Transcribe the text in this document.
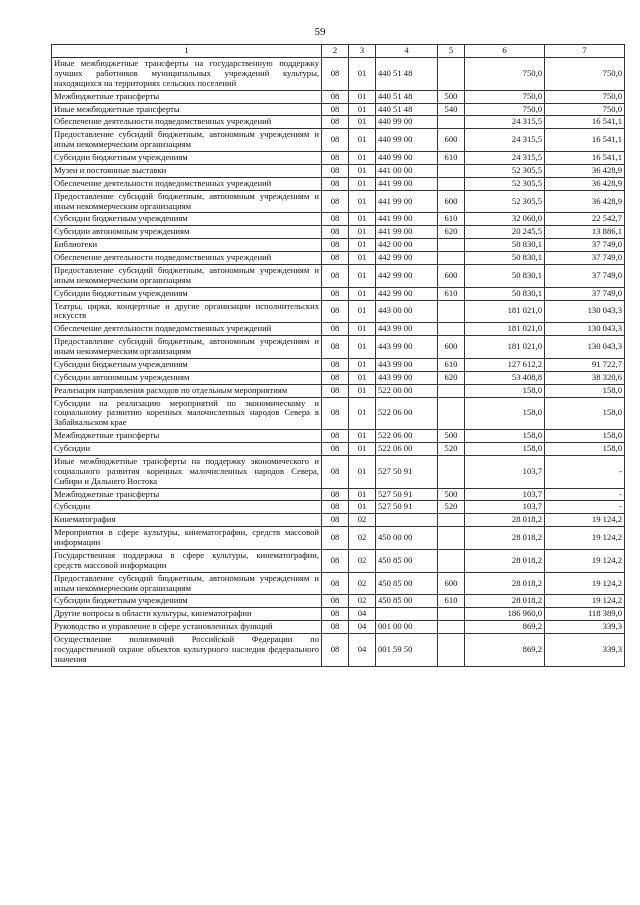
59
1	2	3	4	5	6	7
Иные межбюджетные трансферты на государственную поддержку лучших работников муниципальных учреждений культуры, находящихся на территориях сельских поселений	08	01	440 51 48		750,0	750,0
Межбюджетные трансферты	08	01	440 51 48	500	750,0	750,0
Иные межбюджетные трансферты	08	01	440 51 48	540	750,0	750,0
Обеспечение деятельности подведомственных учреждений	08	01	440 99 00		24 315,5	16 541,1
Предоставление субсидий бюджетным, автономным учреждениям и иным некоммерческим организациям	08	01	440 99 00	600	24 315,5	16 541,1
Субсидии бюджетным учреждениям	08	01	440 99 00	610	24 315,5	16 541,1
Музеи и постоянные выставки	08	01	441 00 00		52 305,5	36 428,9
Обеспечение деятельности подведомственных учреждений	08	01	441 99 00		52 305,5	36 428,9
Предоставление субсидий бюджетным, автономным учреждениям и иным некоммерческим организациям	08	01	441 99 00	600	52 305,5	36 428,9
Субсидии бюджетным учреждениям	08	01	441 99 00	610	32 060,0	22 542,7
Субсидии автономным учреждениям	08	01	441 99 00	620	20 245,5	13 886,1
Библиотеки	08	01	442 00 00		50 830,1	37 749,0
Обеспечение деятельности подведомственных учреждений	08	01	442 99 00		50 830,1	37 749,0
Предоставление субсидий бюджетным, автономным учреждениям и иным некоммерческим организациям	08	01	442 99 00	600	50 830,1	37 749,0
Субсидии бюджетным учреждениям	08	01	442 99 00	610	50 830,1	37 749,0
Театры, цирки, концертные и другие организации исполнительских искусств	08	01	443 00 00		181 021,0	130 043,3
Обеспечение деятельности подведомственных учреждений	08	01	443 99 00		181 021,0	130 043,3
Предоставление субсидий бюджетным, автономным учреждениям и иным некоммерческим организациям	08	01	443 99 00	600	181 021,0	130 043,3
Субсидии бюджетным учреждениям	08	01	443 99 00	610	127 612,2	91 722,7
Субсидии автономным учреждениям	08	01	443 99 00	620	53 408,8	38 320,6
Реализация направления расходов по отдельным мероприятиям	08	01	522 00 00		158,0	158,0
Субсидии на реализацию мероприятий по экономическому и социальному развитию коренных малочисленных народов Севера в Забайкальском крае	08	01	522 06 00		158,0	158,0
Межбюджетные трансферты	08	01	522 06 00	500	158,0	158,0
Субсидии	08	01	522 06 00	520	158,0	158,0
Иные межбюджетные трансферты на поддержку экономического и социального развития коренных малочисленных народов Севера, Сибири и Дальнего Востока	08	01	527 50 91		103,7	-
Межбюджетные трансферты	08	01	527 50 91	500	103,7	-
Субсидии	08	01	527 50 91	520	103,7	-
Кинематография	08	02			28 018,2	19 124,2
Мероприятия в сфере культуры, кинематографии, средств массовой информации	08	02	450 00 00		28 018,2	19 124,2
Государственная поддержка в сфере культуры, кинематографии, средств массовой информации	08	02	450 85 00		28 018,2	19 124,2
Предоставление субсидий бюджетным, автономным учреждениям и иным некоммерческим организациям	08	02	450 85 00	600	28 018,2	19 124,2
Субсидии бюджетным учреждениям	08	02	450 85 00	610	28 018,2	19 124,2
Другие вопросы в области культуры, кинематографии	08	04			186 960,0	118 389,0
Руководство и управление в сфере установленных функций	08	04	001 00 00		869,2	339,3
Осуществление полномочий Российской Федерации по государственной охране объектов культурного наследия федерального значения	08	04	001 59 50		869,2	339,3
